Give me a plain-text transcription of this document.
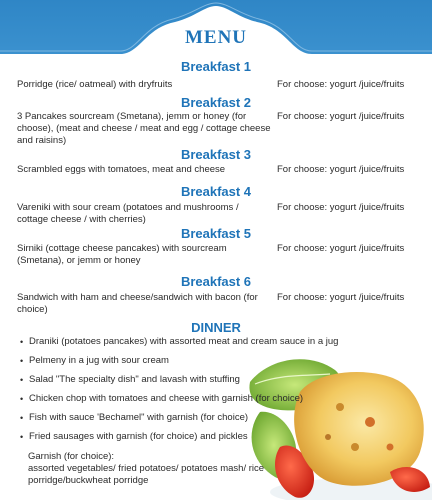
MENU
Breakfast 1
Porridge (rice/ oatmeal) with dryfruits	For choose: yogurt /juice/fruits
Breakfast 2
3 Pancakes sourcream (Smetana), jemm or honey (for choose), (meat and cheese / meat and egg / cottage cheese and raisins)
For choose: yogurt /juice/fruits
Breakfast 3
Scrambled eggs with tomatoes, meat and cheese	For choose: yogurt /juice/fruits
Breakfast 4
Vareniki with sour cream (potatoes and mushrooms / cottage cheese / with cherries)
For choose: yogurt /juice/fruits
Breakfast 5
Sirniki (cottage cheese pancakes) with sourcream (Smetana), or jemm or honey
For choose: yogurt /juice/fruits
Breakfast 6
Sandwich with ham and cheese/sandwich with bacon (for choice)
For choose: yogurt /juice/fruits
DINNER
• Draniki (potatoes pancakes) with assorted meat and cream sauce in a jug
• Pelmeny in a jug with sour cream
• Salad "The specialty dish" and lavash with stuffing
• Chicken chop with tomatoes and cheese with garnish (for choice)
• Fish with sauce 'Bechamel" with garnish (for choice)
• Fried sausages with garnish (for choice) and pickles
Garnish (for choice):
assorted vegetables/ fried potatoes/ potatoes mash/ rice porridge/buckwheat porridge
